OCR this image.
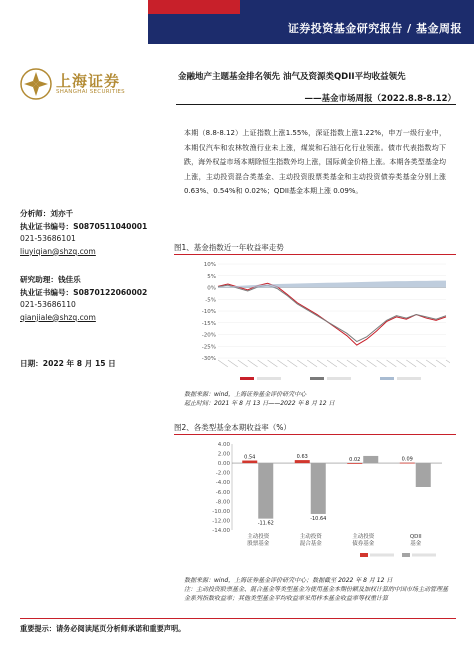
证券投资基金研究报告 / 基金周报
上海证券
SHANGHAI SECURITIES
金融地产主题基金排名领先 油气及资源类QDII平均收益领先
——基金市场周报（2022.8.8-8.12）

本期（8.8-8.12）上证指数上涨1.55%，深证指数上涨1.22%，申万一级行业中，本期仅汽车和农林牧渔行业未上涨，煤炭和石油石化行业领涨。债市代表指数均下跌，海外权益市场本期除恒生指数外均上涨，国际黄金价格上涨。本期各类型基金均上涨，主动投资混合类基金、主动投资股票类基金和主动投资债券类基金分别上涨 0.63%、0.54%和 0.02%；QDII基金本期上涨 0.09%。

分析师：刘亦千
执业证书编号：S0870511040001
021-53686101
liuyiqian@shzq.com
研究助理：钱佳乐
执业证书编号：S0870122060002
021-53686110
qianjiale@shzq.com
日期：2022 年 8 月 15 日
图1、基金指数近一年收益率走势
10%
5%
0%
-5%
-10%
-15%
-20%
-25%
-30%
数据来源：wind，上海证券基金评价研究中心
起止时间：2021 年 8 月 13 日——2022 年 8 月 12 日
图2、各类型基金本期收益率（%）
4.00
2.00
0.00
-2.00
-4.00
-6.00
-8.00
-10.00
-12.00
-14.00
0.54
-11.62
主动投资
股票基金
0.63
-10.64
主动投资
混合基金
0.02
主动投资
债券基金
0.09
QDII
基金
数据来源：wind，上海证券基金评价研究中心；数据截至 2022 年 8 月 12 日
注：主动投资股票基金、混合基金等类型基金为使用基金本期份额及加权计算的中国市场主动管理基
金系列指数收益率；其他类型基金平均收益率采用样本基金收益率等权重计算
重要提示：请务必阅读尾页分析师承诺和重要声明。
